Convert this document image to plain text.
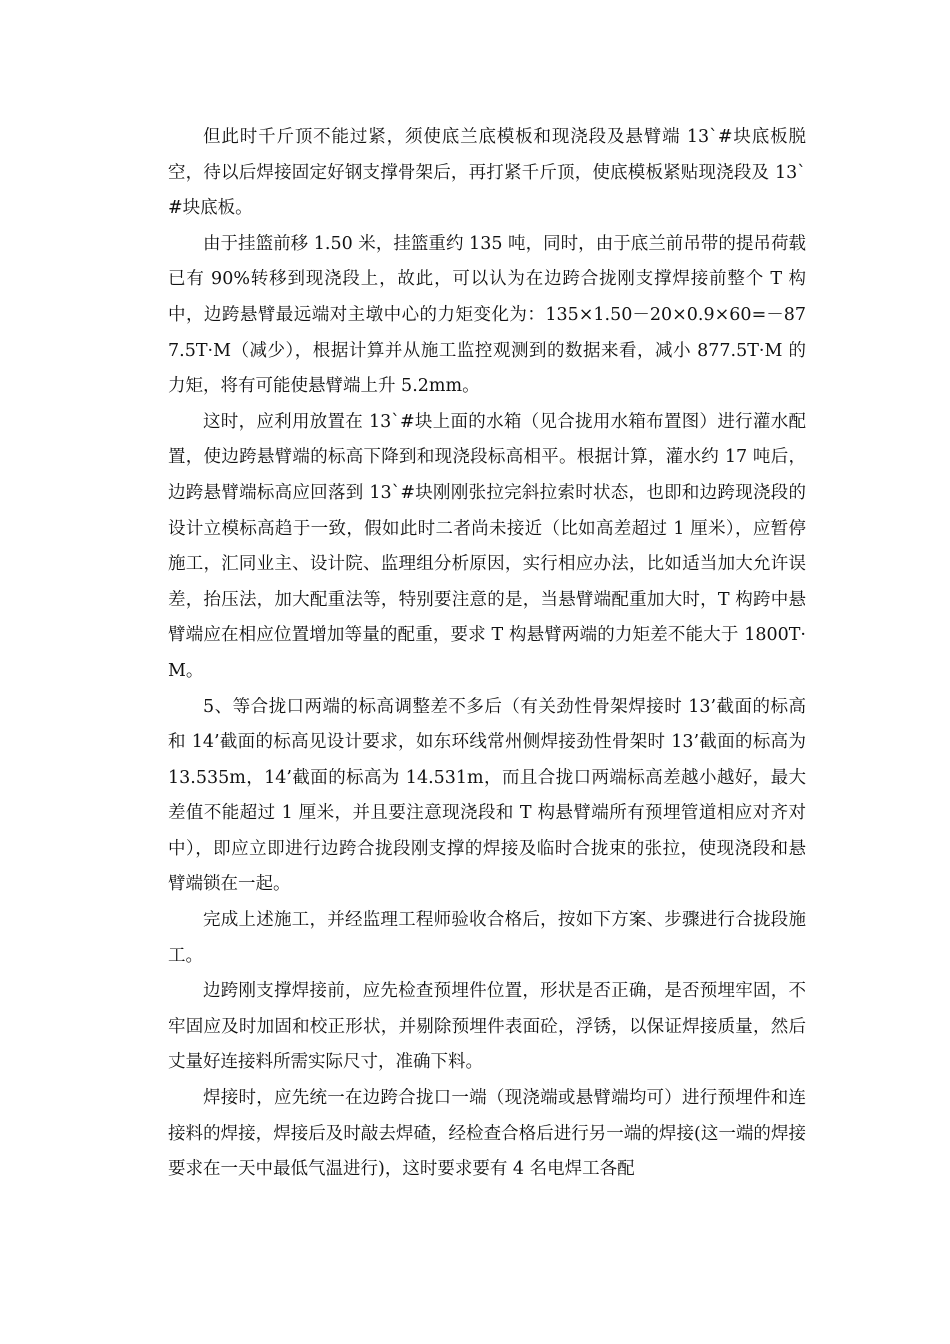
但此时千斤顶不能过紧，须使底兰底模板和现浇段及悬臂端 13`#块底板脱空，待以后焊接固定好钢支撑骨架后，再打紧千斤顶，使底模板紧贴现浇段及 13`#块底板。

由于挂篮前移 1.50 米，挂篮重约 135 吨，同时，由于底兰前吊带的提吊荷载已有 90%转移到现浇段上，故此，可以认为在边跨合拢刚支撑焊接前整个 T 构中，边跨悬臂最远端对主墩中心的力矩变化为：135×1.50－20×0.9×60=－877.5T·M（减少），根据计算并从施工监控观测到的数据来看，减小 877.5T·M 的力矩，将有可能使悬臂端上升 5.2mm。

这时，应利用放置在 13`#块上面的水箱（见合拢用水箱布置图）进行灌水配置，使边跨悬臂端的标高下降到和现浇段标高相平。根据计算，灌水约 17 吨后，边跨悬臂端标高应回落到 13`#块刚刚张拉完斜拉索时状态，也即和边跨现浇段的设计立模标高趋于一致，假如此时二者尚未接近（比如高差超过 1 厘米），应暂停施工，汇同业主、设计院、监理组分析原因，实行相应办法，比如适当加大允许误差，抬压法，加大配重法等，特别要注意的是，当悬臂端配重加大时，T 构跨中悬臂端应在相应位置增加等量的配重，要求 T 构悬臂两端的力矩差不能大于 1800T·M。

5、等合拢口两端的标高调整差不多后（有关劲性骨架焊接时 13’截面的标高和 14’截面的标高见设计要求，如东环线常州侧焊接劲性骨架时 13’截面的标高为 13.535m，14’截面的标高为 14.531m，而且合拢口两端标高差越小越好，最大差值不能超过 1 厘米，并且要注意现浇段和 T 构悬臂端所有预埋管道相应对齐对中），即应立即进行边跨合拢段刚支撑的焊接及临时合拢束的张拉，使现浇段和悬臂端锁在一起。

完成上述施工，并经监理工程师验收合格后，按如下方案、步骤进行合拢段施工。

边跨刚支撑焊接前，应先检查预埋件位置，形状是否正确，是否预埋牢固，不牢固应及时加固和校正形状，并剔除预埋件表面砼，浮锈，以保证焊接质量，然后丈量好连接料所需实际尺寸，准确下料。

焊接时，应先统一在边跨合拢口一端（现浇端或悬臂端均可）进行预埋件和连接料的焊接，焊接后及时敲去焊碴，经检查合格后进行另一端的焊接(这一端的焊接要求在一天中最低气温进行)，这时要求要有 4 名电焊工各配
